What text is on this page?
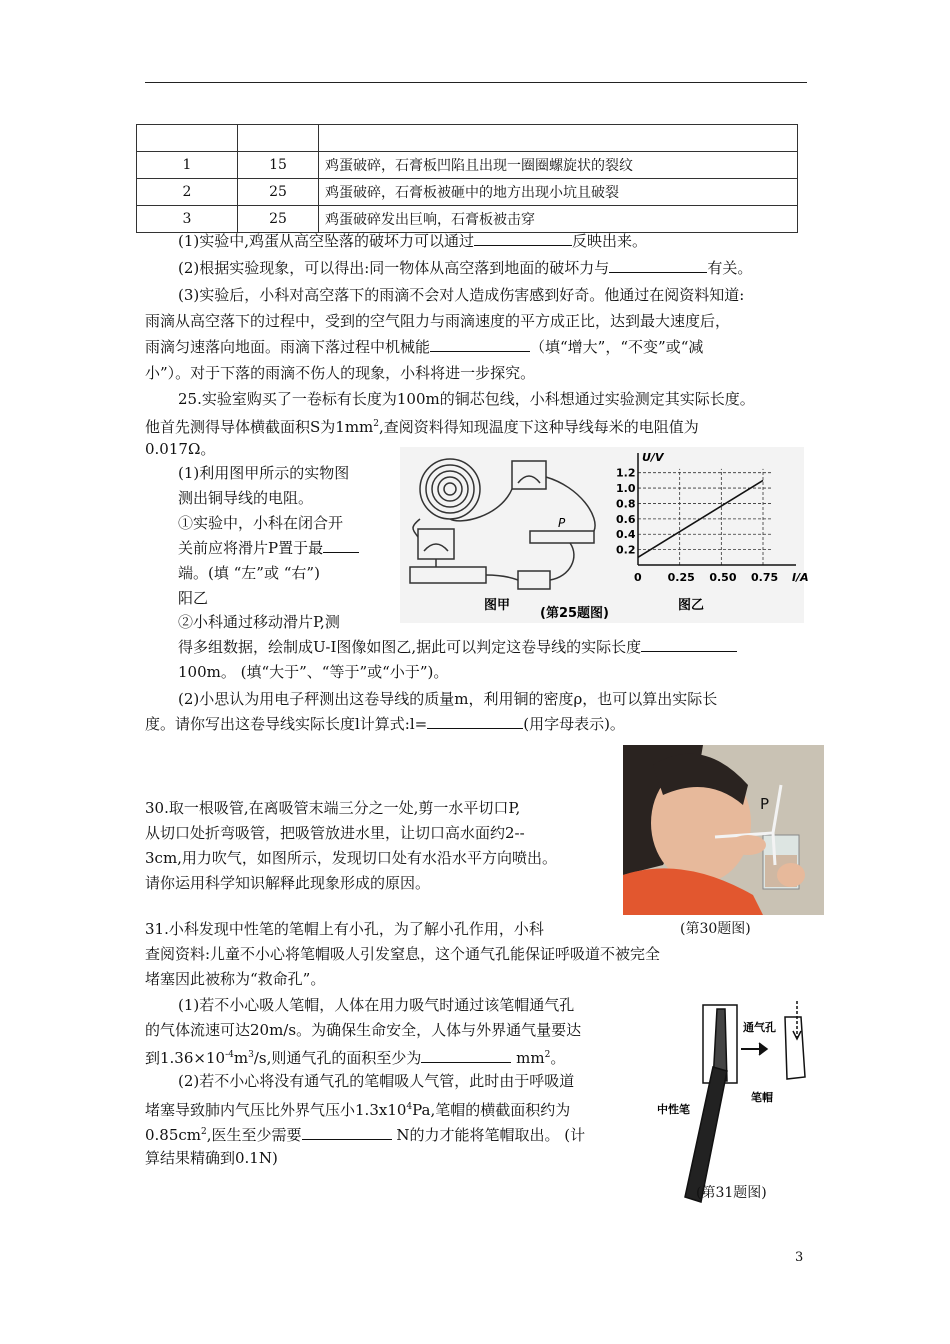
1	15	鸡蛋破碎，石膏板凹陷且出现一圈圈螺旋状的裂纹
2	25	鸡蛋破碎，石膏板被砸中的地方出现小坑且破裂
3	25	鸡蛋破碎发出巨响，石膏板被击穿
(1)实验中,鸡蛋从高空坠落的破坏力可以通过	反映出来。
(2)根据实验现象，可以得出:同一物体从高空落到地面的破坏力与	有关。
(3)实验后，小科对高空落下的雨滴不会对人造成伤害感到好奇。他通过在阅资料知道:
雨滴从高空落下的过程中，受到的空气阻力与雨滴速度的平方成正比，达到最大速度后，
雨滴匀速落向地面。雨滴下落过程中机械能	（填“增大”，“不变”或“减
小”）。对于下落的雨滴不伤人的现象，小科将进一步探究。
25.实验室购买了一卷标有长度为100m的铜芯包线，小科想通过实验测定其实际长度。
他首先测得导体横截面积S为$1mm^2$,查阅资料得知现温度下这种导线每米的电阻值为
0.017Ω。
(1)利用图甲所示的实物图
测出铜导线的电阻。
①实验中，小科在闭合开
关前应将滑片P置于最
端。(填 “左”或 “右”)
阳乙
②小科通过移动滑片P,测
得多组数据，绘制成U-I图像如图乙,据此可以判定这卷导线的实际长度
100m。 (填“大于”、“等于”或“小于”)。
(2)小思认为用电子秤测出这卷导线的质量m，利用铜的密度ρ，也可以算出实际长
度。请你写出这卷导线实际长度l计算式:l=	(用字母表示)。
P
图甲
(第25题图)
图乙
0.2
0.4
0.6
0.8
1.0
1.2
0 0.25 0.50 0.75
U/V
I/A
30.取一根吸管,在离吸管末端三分之一处,剪一水平切口P,
从切口处折弯吸管，把吸管放进水里，让切口高水面约2--
3cm,用力吹气，如图所示，发现切口处有水沿水平方向喷出。
请你运用科学知识解释此现象形成的原因。
P
(第30题图)
31.小科发现中性笔的笔帽上有小孔，为了解小孔作用，小科
查阅资料:儿童不小心将笔帽吸人引发窒息，这个通气孔能保证呼吸道不被完全
堵塞因此被称为“救命孔”。
(1)若不小心吸人笔帽，人体在用力吸气时通过该笔帽通气孔
的气体流速可达20m/s。为确保生命安全，人体与外界通气量要达
到$1.36\times 10^{-4}m^3/s$,则通气孔的面积至少为	$mm^2$。
(2)若不小心将没有通气孔的笔帽吸人气管，此时由于呼吸道
堵塞导致肺内气压比外界气压小$1.3x10^4Pa$,笔帽的横截面积约为
$0.85cm^2$,医生至少需要	N的力才能将笔帽取出。 (计
算结果精确到0.1N)
通气孔
笔帽
中性笔
(第31题图)
3
